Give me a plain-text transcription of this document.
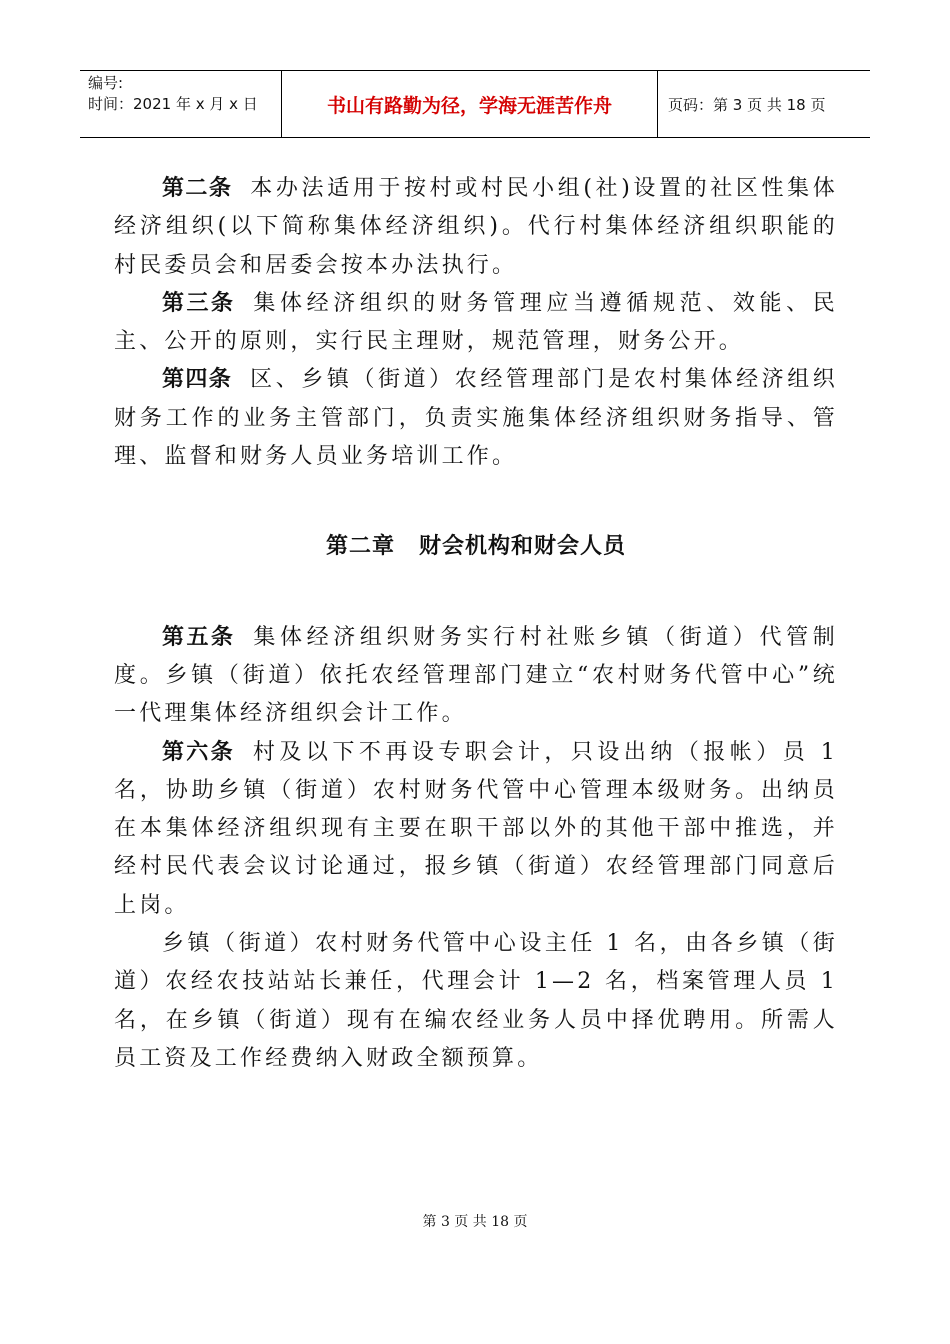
编号:
时间：2021 年 x 月 x 日	书山有路勤为径，学海无涯苦作舟	页码：第 3 页 共 18 页

第二条 本办法适用于按村或村民小组(社)设置的社区性集体经济组织(以下简称集体经济组织)。代行村集体经济组织职能的村民委员会和居委会按本办法执行。

第三条 集体经济组织的财务管理应当遵循规范、效能、民主、公开的原则，实行民主理财，规范管理，财务公开。

第四条 区、乡镇（街道）农经管理部门是农村集体经济组织财务工作的业务主管部门，负责实施集体经济组织财务指导、管理、监督和财务人员业务培训工作。

第二章 财会机构和财会人员

第五条 集体经济组织财务实行村社账乡镇（街道）代管制度。乡镇（街道）依托农经管理部门建立“农村财务代管中心”统一代理集体经济组织会计工作。

第六条 村及以下不再设专职会计，只设出纳（报帐）员 1 名，协助乡镇（街道）农村财务代管中心管理本级财务。出纳员在本集体经济组织现有主要在职干部以外的其他干部中推选，并经村民代表会议讨论通过，报乡镇（街道）农经管理部门同意后上岗。

乡镇（街道）农村财务代管中心设主任 1 名，由各乡镇（街道）农经农技站站长兼任，代理会计 1—2 名，档案管理人员 1 名，在乡镇（街道）现有在编农经业务人员中择优聘用。所需人员工资及工作经费纳入财政全额预算。

第 3 页 共 18 页
